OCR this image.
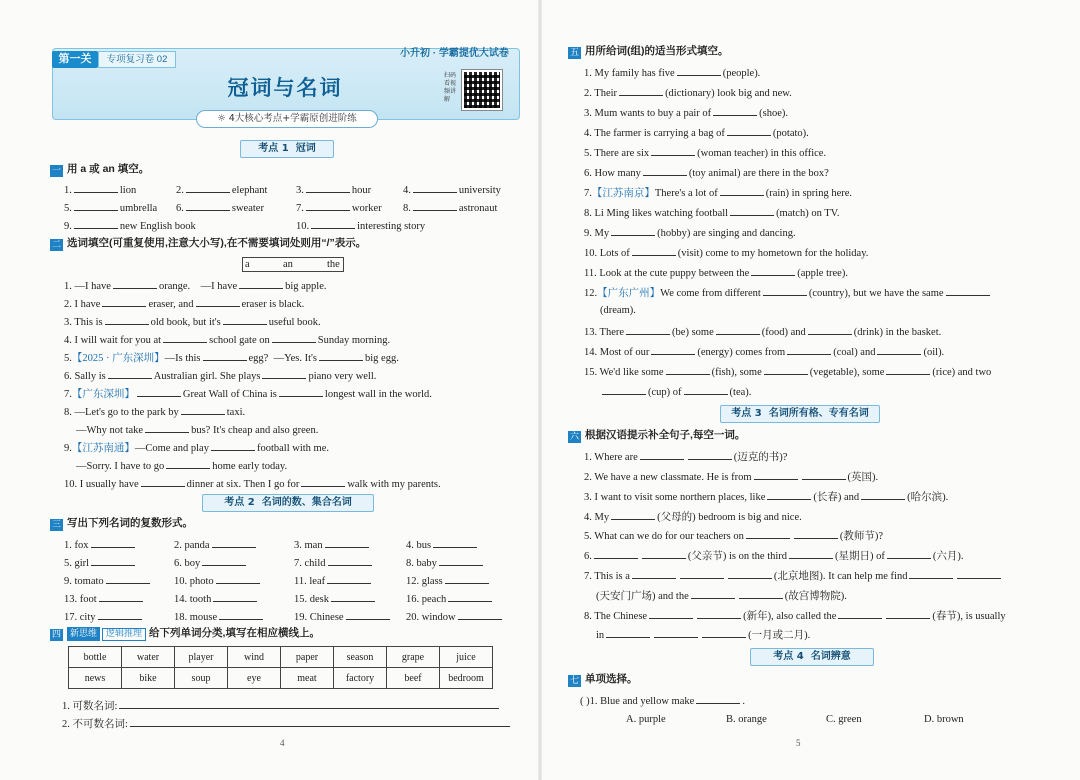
第一关	专项复习卷 02
小升初 · 学霸提优大试卷
冠词与名词
扫码看视频讲解
☼ 4大核心考点+学霸原创进阶练
考点 1 冠词
一 用 a 或 an 填空。
1.	lion	2.	elephant	3.	hour	4.	university
5.	umbrella 6.	sweater	7.	worker 8.	astronaut
9.	new English book	10.	interesting story
二 选词填空(可重复使用,注意大小写),在不需要填词处则用“/”表示。
a	an	the
1. —I have	orange. —I have	big apple.
2. I have	eraser, and	eraser is black.
3. This is	old book, but it's	useful book.
4. I will wait for you at	school gate on	Sunday morning.
5.【2025 · 广东深圳】—Is this	egg? —Yes. It's	big egg.
6. Sally is	Australian girl. She plays	piano very well.
7.【广东深圳】	Great Wall of China is	longest wall in the world.
8. —Let's go to the park by	taxi.
—Why not take	bus? It's cheap and also green.
9.【江苏南通】—Come and play	football with me.
—Sorry. I have to go	home early today.
10. I usually have	dinner at six. Then I go for	walk with my parents.
考点 2 名词的数、集合名词
三 写出下列名词的复数形式。
1. fox	2. panda	3. man	4. bus
5. girl	6. boy	7. child	8. baby
9. tomato	10. photo	11. leaf	12. glass
13. foot	14. tooth	15. desk	16. peach
17. city	18. mouse	19. Chinese	20. window
四 新思维 逻辑推理 给下列单词分类,填写在相应横线上。
bottle	water	player	wind	paper	season	grape	juice
news	bike	soup	eye	meat	factory	beef	bedroom
1. 可数名词:
2. 不可数名词:
4
五 用所给词(组)的适当形式填空。
1. My family has five	(people).
2. Their	(dictionary) look big and new.
3. Mum wants to buy a pair of	(shoe).
4. The farmer is carrying a bag of	(potato).
5. There are six	(woman teacher) in this office.
6. How many	(toy animal) are there in the box?
7.【江苏南京】There's a lot of	(rain) in spring here.
8. Li Ming likes watching football	(match) on TV.
9. My	(hobby) are singing and dancing.
10. Lots of	(visit) come to my hometown for the holiday.
11. Look at the cute puppy between the	(apple tree).
12.【广东广州】We come from different	(country), but we have the same
(dream).
13. There	(be) some	(food) and	(drink) in the basket.
14. Most of our	(energy) comes from	(coal) and	(oil).
15. We'd like some	(fish), some	(vegetable), some	(rice) and two
(cup) of	(tea).
考点 3 名词所有格、专有名词
六 根据汉语提示补全句子,每空一词。
1. Where are	(迈克的书)?
2. We have a new classmate. He is from	(英国).
3. I want to visit some northern places, like	(长春) and	(哈尔滨).
4. My	(父母的) bedroom is big and nice.
5. What can we do for our teachers on	(教师节)?
6.	(父亲节) is on the third	(星期日) of	(六月).
7. This is a	(北京地图). It can help me find
(天安门广场) and the	(故宫博物院).
8. The Chinese	(新年), also called the	(春节), is usually
in	(一月或二月).
考点 4 名词辨意
七 单项选择。
( )1. Blue and yellow make	.
A. purple	B. orange	C. green	D. brown
5
